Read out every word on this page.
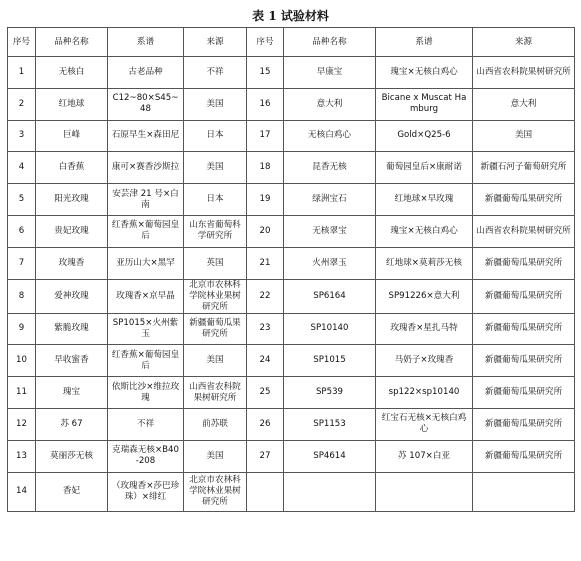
表 1 试验材料
序号	品种名称	系谱	来源	序号	品种名称	系谱	来源
1	无核白	古老品种	不祥	15	早康宝	瑰宝×无核白鸡心	山西省农科院果树研究所
2	红地球	C12~80×S45~48	美国	16	意大利	Bicane x Muscat Hamburg	意大利
3	巨峰	石原早生×森田尼	日本	17	无核白鸡心	Gold×Q25-6	美国
4	白香蕉	康可×赛香沙斯拉	美国	18	昆香无核	葡萄园皇后×康耐诺	新疆石河子葡萄研究所
5	阳光玫瑰	安芸津 21 号×白南	日本	19	绿洲宝石	红地球×早玫瑰	新疆葡萄瓜果研究所
6	贵妃玫瑰	红香蕉×葡萄园皇后	山东省葡萄科学研究所	20	无核翠宝	瑰宝×无核白鸡心	山西省农科院果树研究所
7	玫瑰香	亚历山大×黑罕	英国	21	火州翠玉	红地球×莫莉莎无核	新疆葡萄瓜果研究所
8	爱神玫瑰	玫瑰香×京早晶	北京市农林科学院林业果树研究所	22	SP6164	SP91226×意大利	新疆葡萄瓜果研究所
9	紫脆玫瑰	SP1015×火州紫玉	新疆葡萄瓜果研究所	23	SP10140	玫瑰香×星扎马特	新疆葡萄瓜果研究所
10	早收蜜香	红香蕉×葡萄园皇后	美国	24	SP1015	马奶子×玫瑰香	新疆葡萄瓜果研究所
11	瑰宝	依斯比沙×维拉玫瑰	山西省农科院果树研究所	25	SP539	sp122×sp10140	新疆葡萄瓜果研究所
12	苏 67	不祥	前苏联	26	SP1153	红宝石无核×无核白鸡心	新疆葡萄瓜果研究所
13	莫丽莎无核	克瑞森无核×B40-208	美国	27	SP4614	苏 107×白亚	新疆葡萄瓜果研究所
14	香妃	（玫瑰香×莎巴珍珠）×绯红	北京市农林科学院林业果树研究所				
